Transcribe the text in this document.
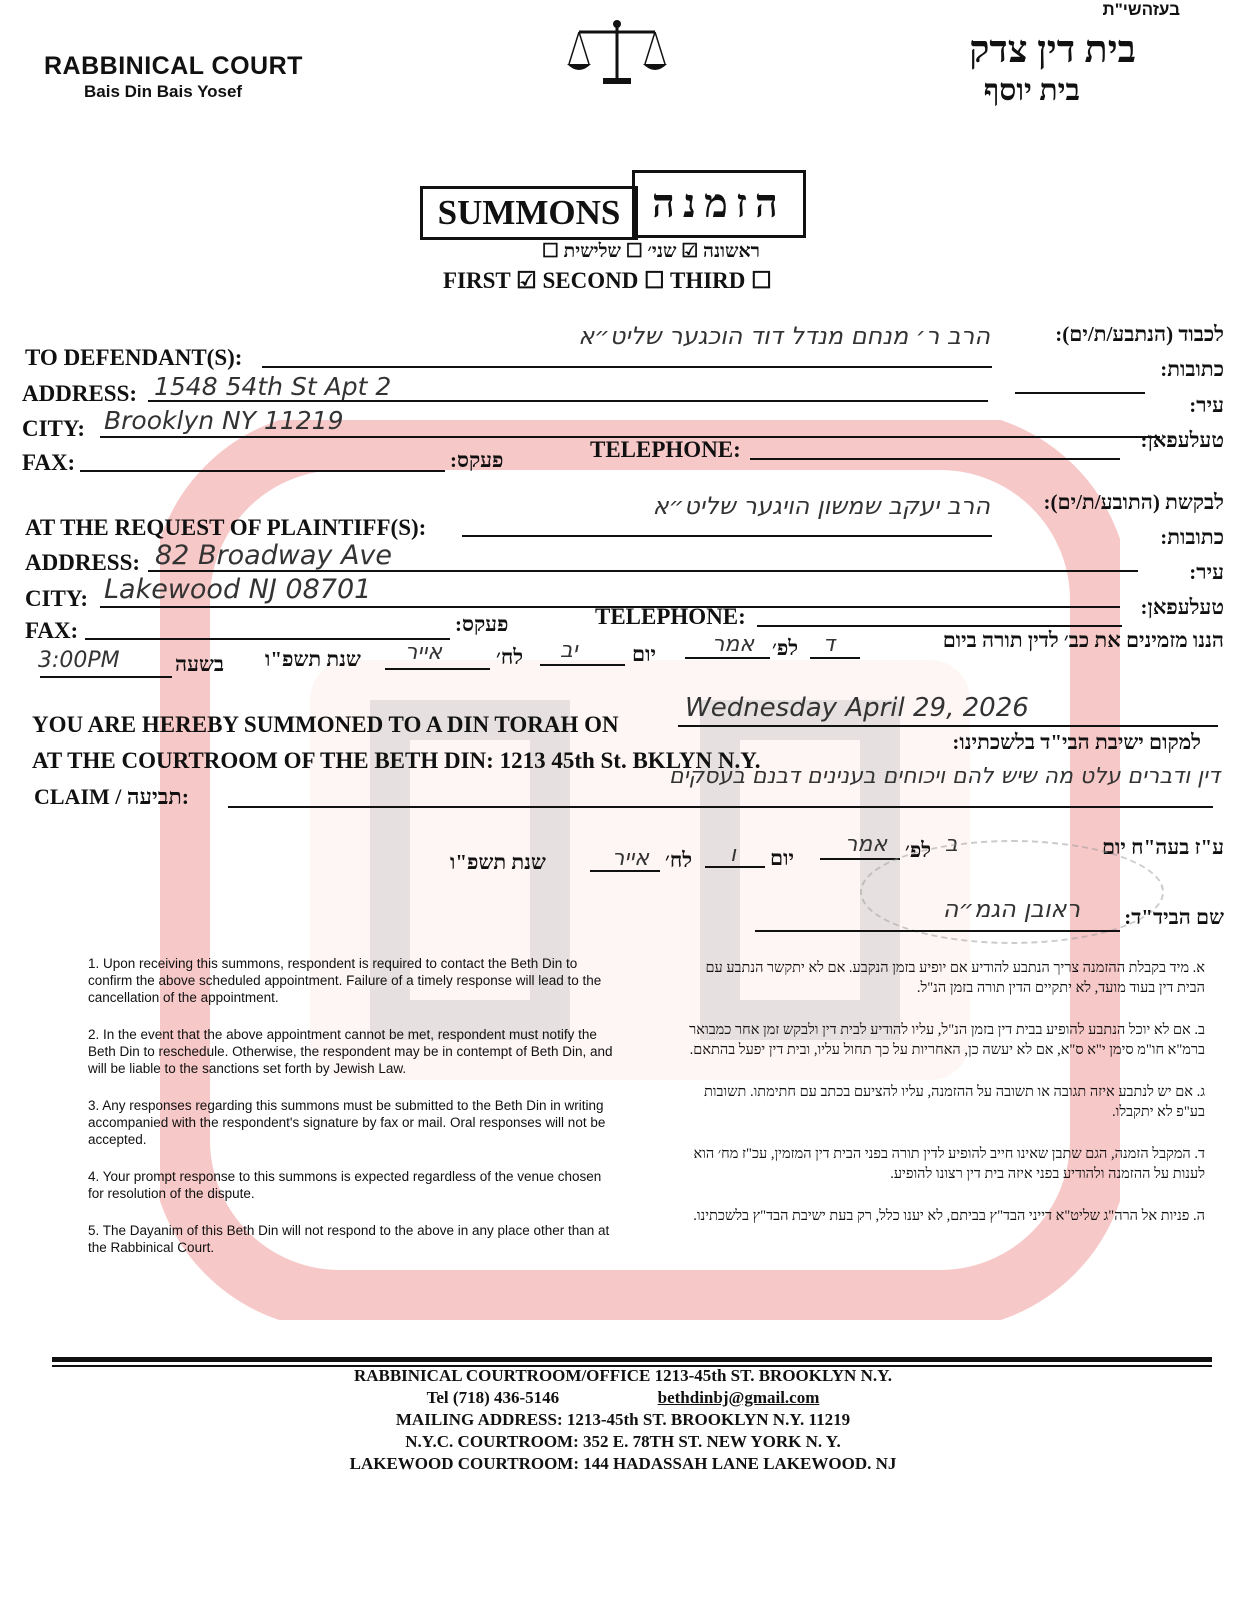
בעזהשי"ת
RABBINICAL COURT
Bais Din Bais Yosef
בית דין צדק
בית יוסף
SUMMONS הזמנה
ראשונה ☑ שני׳ ☐ שלישית ☐
FIRST ☑ SECOND ☐ THIRD ☐
TO DEFENDANT(S):
הרב ר׳ מנחם מנדל דוד הוכגער שליט״א	לכבוד (הנתבע/ת/ים):
ADDRESS: 1548 54th St Apt 2
כתובות:
CITY: Brooklyn NY 11219
עיר:
טעלעפאן:
FAX:	פעקס:	TELEPHONE:
AT THE REQUEST OF PLAINTIFF(S):
הרב יעקב שמשון הויגער שליט״א	לבקשת (התובע/ת/ים):
ADDRESS: 82 Broadway Ave
כתובות:
CITY: Lakewood NJ 08701
עיר:
טעלעפאן:
FAX:	פעקס:	TELEPHONE:
הננו מזמינים את כב׳ לדין תורה ביום
ד
לפ׳
אמר
יום
יב
לח׳
אייר
שנת תשפ"ו
בשעה
3:00PM
YOU ARE HEREBY SUMMONED TO A DIN TORAH ON
Wednesday April 29, 2026
למקום ישיבת הבי"ד בלשכתינו:
AT THE COURTROOM OF THE BETH DIN: 1213 45th St. BKLYN N.Y.
CLAIM / תביעה:
דין ודברים עלט מה שיש להם ויכוחים בענינים דבנם בעסקים
ע"ז בעה"ח יום
ב
לפ׳
אמר
יום
ו
לח׳
אייר
שנת תשפ"ו
שם הביד"ד:
ראובן הגמ״ה
1. Upon receiving this summons, respondent is required to contact the Beth Din to confirm the above scheduled appointment. Failure of a timely response will lead to the cancellation of the appointment.
2. In the event that the above appointment cannot be met, respondent must notify the Beth Din to reschedule. Otherwise, the respondent may be in contempt of Beth Din, and will be liable to the sanctions set forth by Jewish Law.
3. Any responses regarding this summons must be submitted to the Beth Din in writing accompanied with the respondent's signature by fax or mail. Oral responses will not be accepted.
4. Your prompt response to this summons is expected regardless of the venue chosen for resolution of the dispute.
5. The Dayanim of this Beth Din will not respond to the above in any place other than at the Rabbinical Court.
א. מיד בקבלת ההזמנה צריך הנתבע להודיע אם יופיע בזמן הנקבע. אם לא יתקשר הנתבע עם הבית דין בעוד מועד, לא יתקיים הדין תורה בזמן הנ"ל.
ב. אם לא יוכל הנתבע להופיע בבית דין בזמן הנ"ל, עליו להודיע לבית דין ולבקש זמן אחר כמבואר ברמ"א חו"מ סימן י"א ס"א, אם לא יעשה כן, האחריות על כך תחול עליו, ובית דין יפעל בהתאם.
ג. אם יש לנתבע איזה תגובה או תשובה על ההזמנה, עליו להציעם בכתב עם חתימתו. תשובות בע"פ לא יתקבלו.
ד. המקבל הזמנה, הגם שתבן שאינו חייב להופיע לדין תורה בפני הבית דין המזמין, עכ"ז מח׳ הוא לענות על ההזמנה ולהודיע בפני איזה בית דין רצונו להופיע.
ה. פניות אל הרה"ג שליט"א דייני הבד"ץ בביתם, לא יענו כלל, רק בעת ישיבת הבד"ץ בלשכתינו.
RABBINICAL COURTROOM/OFFICE 1213-45th ST. BROOKLYN N.Y.
Tel (718) 436-5146	bethdinbj@gmail.com
MAILING ADDRESS: 1213-45th ST. BROOKLYN N.Y. 11219
N.Y.C. COURTROOM: 352 E. 78TH ST. NEW YORK N. Y.
LAKEWOOD COURTROOM: 144 HADASSAH LANE LAKEWOOD. NJ
